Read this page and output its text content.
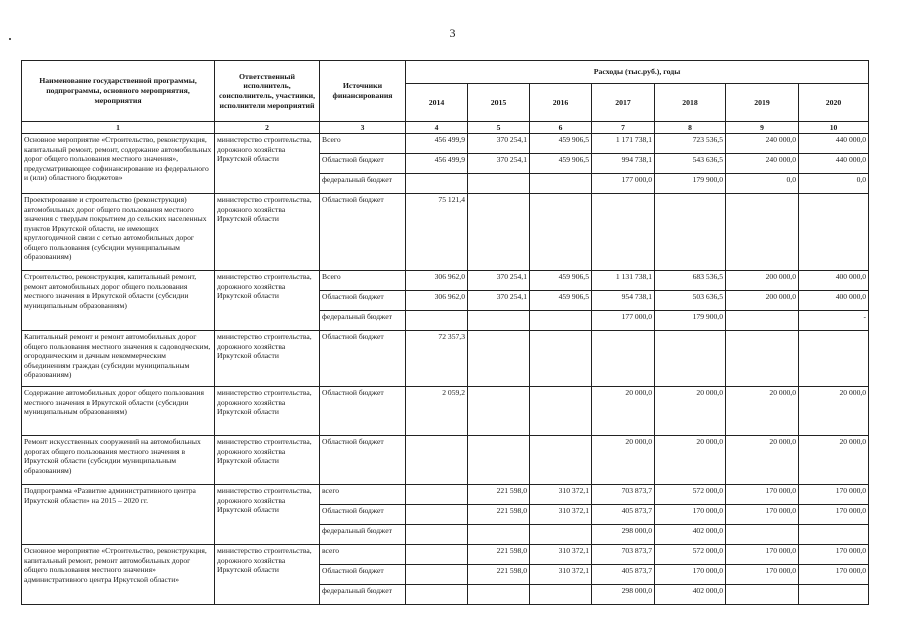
3
Наименование государственной программы, подпрограммы, основного мероприятия, мероприятия	Ответственный исполнитель, соисполнитель, участники, исполнители мероприятий	Источники финансирования	Расходы (тыс.руб.), годы						
			2014	2015	2016	2017	2018	2019	2020
1	2	3	4	5	6	7	8	9	10
Основное мероприятие «Строительство, реконструкция, капитальный ремонт, ремонт, содержание автомобильных дорог общего пользования местного значения», предусматривающее софинансирование из федерального и (или) областного бюджетов»	министерство строительства, дорожного хозяйства Иркутской области	Всего	456 499,9	370 254,1	459 906,5	1 171 738,1	723 536,5	240 000,0	440 000,0
		Областной бюджет	456 499,9	370 254,1	459 906,5	994 738,1	543 636,5	240 000,0	440 000,0
		федеральный бюджет				177 000,0	179 900,0	0,0	0,0
Проектирование и строительство (реконструкция) автомобильных дорог общего пользования местного значения с твердым покрытием до сельских населенных пунктов Иркутской области, не имеющих круглогодичной связи с сетью автомобильных дорог общего пользования (субсидии муниципальным образованиям)	министерство строительства, дорожного хозяйства Иркутской области	Областной бюджет	75 121,4						
Строительство, реконструкция, капитальный ремонт, ремонт автомобильных дорог общего пользования местного значения в Иркутской области (субсидии муниципальным образованиям)	министерство строительства, дорожного хозяйства Иркутской области	Всего	306 962,0	370 254,1	459 906,5	1 131 738,1	683 536,5	200 000,0	400 000,0
		Областной бюджет	306 962,0	370 254,1	459 906,5	954 738,1	503 636,5	200 000,0	400 000,0
		федеральный бюджет				177 000,0	179 900,0		-
Капитальный ремонт и ремонт автомобильных дорог общего пользования местного значения к садоводческим, огородническим и дачным некоммерческим объединениям граждан (субсидии муниципальным образованиям)	министерство строительства, дорожного хозяйства Иркутской области	Областной бюджет	72 357,3						
Содержание автомобильных дорог общего пользования местного значения в Иркутской области (субсидии муниципальным образованиям)	министерство строительства, дорожного хозяйства Иркутской области	Областной бюджет	2 059,2			20 000,0	20 000,0	20 000,0	20 000,0
Ремонт искусственных сооружений на автомобильных дорогах общего пользования местного значения в Иркутской области (субсидии муниципальным образованиям)	министерство строительства, дорожного хозяйства Иркутской области	Областной бюджет				20 000,0	20 000,0	20 000,0	20 000,0
Подпрограмма «Развитие административного центра Иркутской области» на 2015 – 2020 гг.	министерство строительства, дорожного хозяйства Иркутской области	всего		221 598,0	310 372,1	703 873,7	572 000,0	170 000,0	170 000,0
		Областной бюджет		221 598,0	310 372,1	405 873,7	170 000,0	170 000,0	170 000,0
		федеральный бюджет				298 000,0	402 000,0		
Основное мероприятие «Строительство, реконструкция, капитальный ремонт, ремонт автомобильных дорог общего пользования местного значения» административного центра Иркутской области»	министерство строительства, дорожного хозяйства Иркутской области	всего		221 598,0	310 372,1	703 873,7	572 000,0	170 000,0	170 000,0
		Областной бюджет		221 598,0	310 372,1	405 873,7	170 000,0	170 000,0	170 000,0
		федеральный бюджет				298 000,0	402 000,0		
